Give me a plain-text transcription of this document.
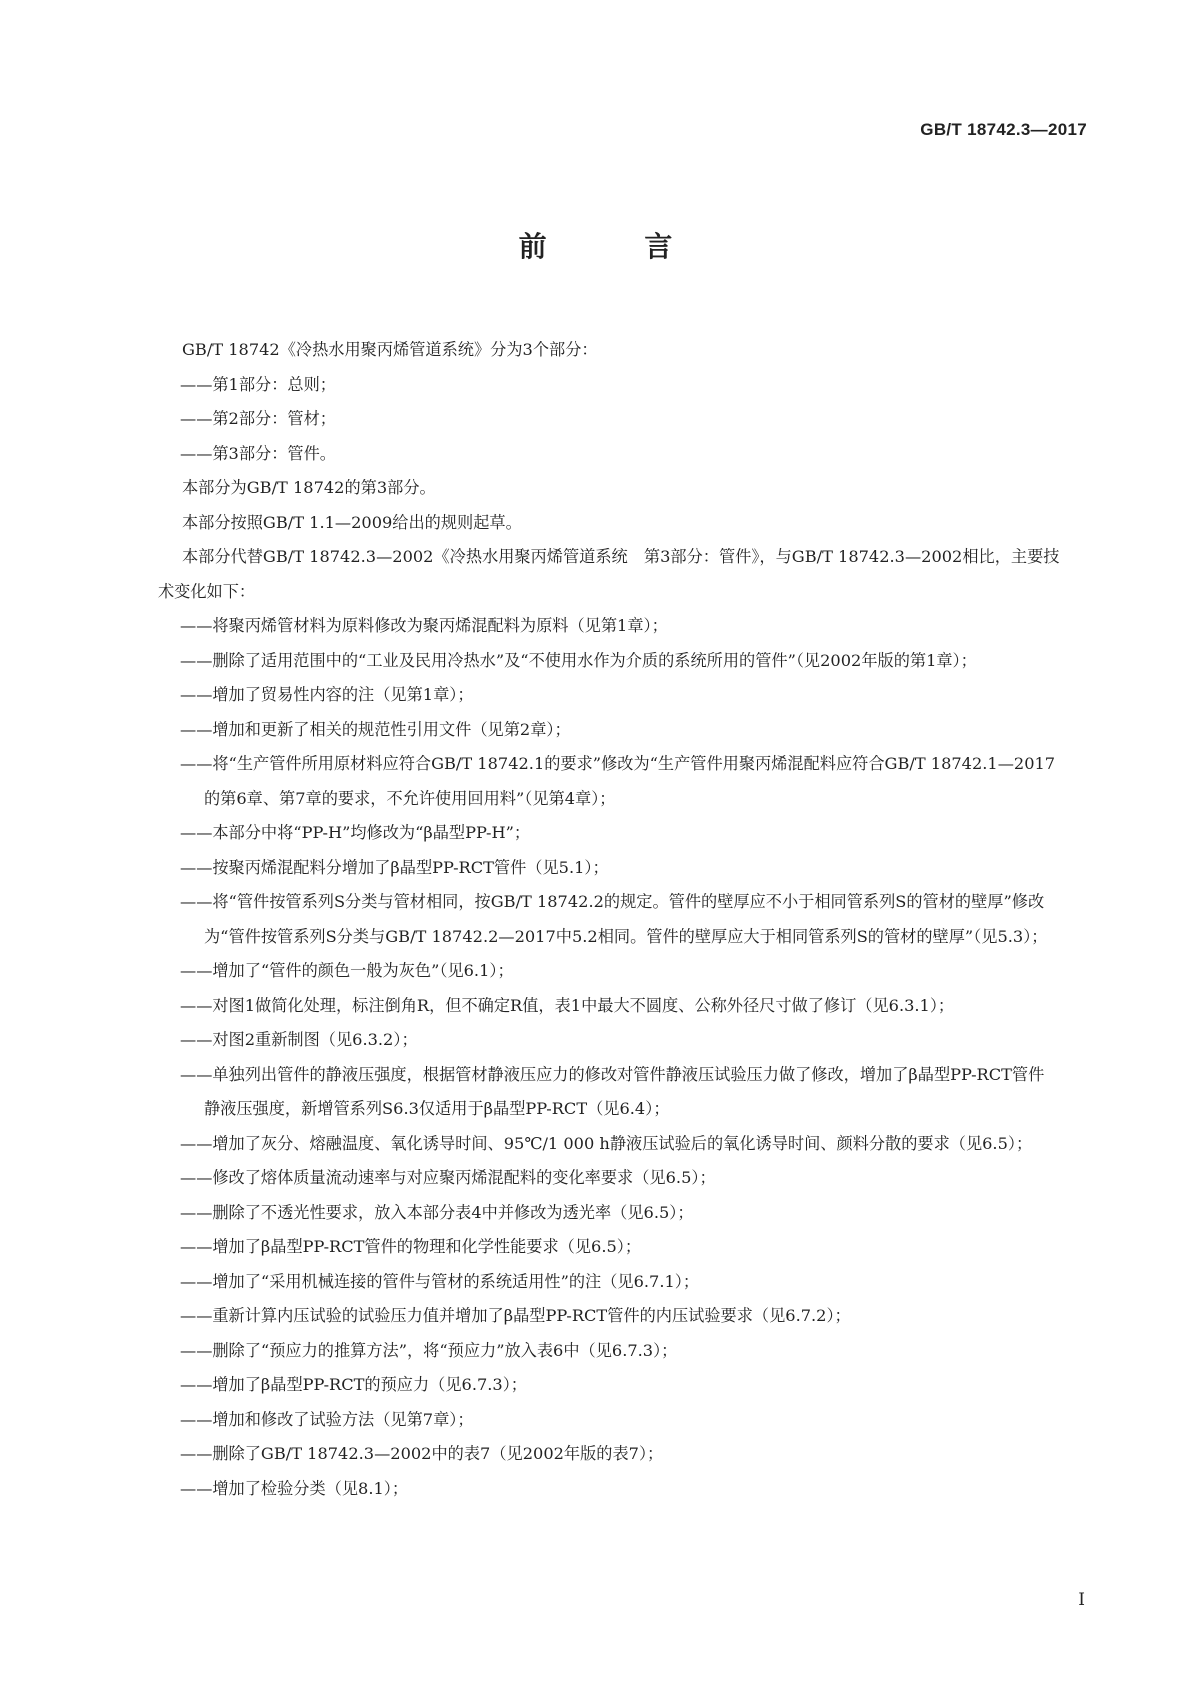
GB/T 18742.3—2017
前 言

GB/T 18742《冷热水用聚丙烯管道系统》分为3个部分：

——第1部分：总则；

——第2部分：管材；

——第3部分：管件。

本部分为GB/T 18742的第3部分。

本部分按照GB/T 1.1—2009给出的规则起草。

本部分代替GB/T 18742.3—2002《冷热水用聚丙烯管道系统　第3部分：管件》，与GB/T 18742.3—2002相比，主要技术变化如下：

——将聚丙烯管材料为原料修改为聚丙烯混配料为原料（见第1章）；

——删除了适用范围中的“工业及民用冷热水”及“不使用水作为介质的系统所用的管件”（见2002年版的第1章）；

——增加了贸易性内容的注（见第1章）；

——增加和更新了相关的规范性引用文件（见第2章）；

——将“生产管件所用原材料应符合GB/T 18742.1的要求”修改为“生产管件用聚丙烯混配料应符合GB/T 18742.1—2017的第6章、第7章的要求，不允许使用回用料”（见第4章）；

——本部分中将“PP-H”均修改为“β晶型PP-H”；

——按聚丙烯混配料分增加了β晶型PP-RCT管件（见5.1）；

——将“管件按管系列S分类与管材相同，按GB/T 18742.2的规定。管件的壁厚应不小于相同管系列S的管材的壁厚”修改为“管件按管系列S分类与GB/T 18742.2—2017中5.2相同。管件的壁厚应大于相同管系列S的管材的壁厚”（见5.3）；

——增加了“管件的颜色一般为灰色”（见6.1）；

——对图1做简化处理，标注倒角R，但不确定R值，表1中最大不圆度、公称外径尺寸做了修订（见6.3.1）；

——对图2重新制图（见6.3.2）；

——单独列出管件的静液压强度，根据管材静液压应力的修改对管件静液压试验压力做了修改，增加了β晶型PP-RCT管件静液压强度，新增管系列S6.3仅适用于β晶型PP-RCT（见6.4）；

——增加了灰分、熔融温度、氧化诱导时间、95℃/1 000 h静液压试验后的氧化诱导时间、颜料分散的要求（见6.5）；

——修改了熔体质量流动速率与对应聚丙烯混配料的变化率要求（见6.5）；

——删除了不透光性要求，放入本部分表4中并修改为透光率（见6.5）；

——增加了β晶型PP-RCT管件的物理和化学性能要求（见6.5）；

——增加了“采用机械连接的管件与管材的系统适用性”的注（见6.7.1）；

——重新计算内压试验的试验压力值并增加了β晶型PP-RCT管件的内压试验要求（见6.7.2）；

——删除了“预应力的推算方法”，将“预应力”放入表6中（见6.7.3）；

——增加了β晶型PP-RCT的预应力（见6.7.3）；

——增加和修改了试验方法（见第7章）；

——删除了GB/T 18742.3—2002中的表7（见2002年版的表7）；

——增加了检验分类（见8.1）；

I
